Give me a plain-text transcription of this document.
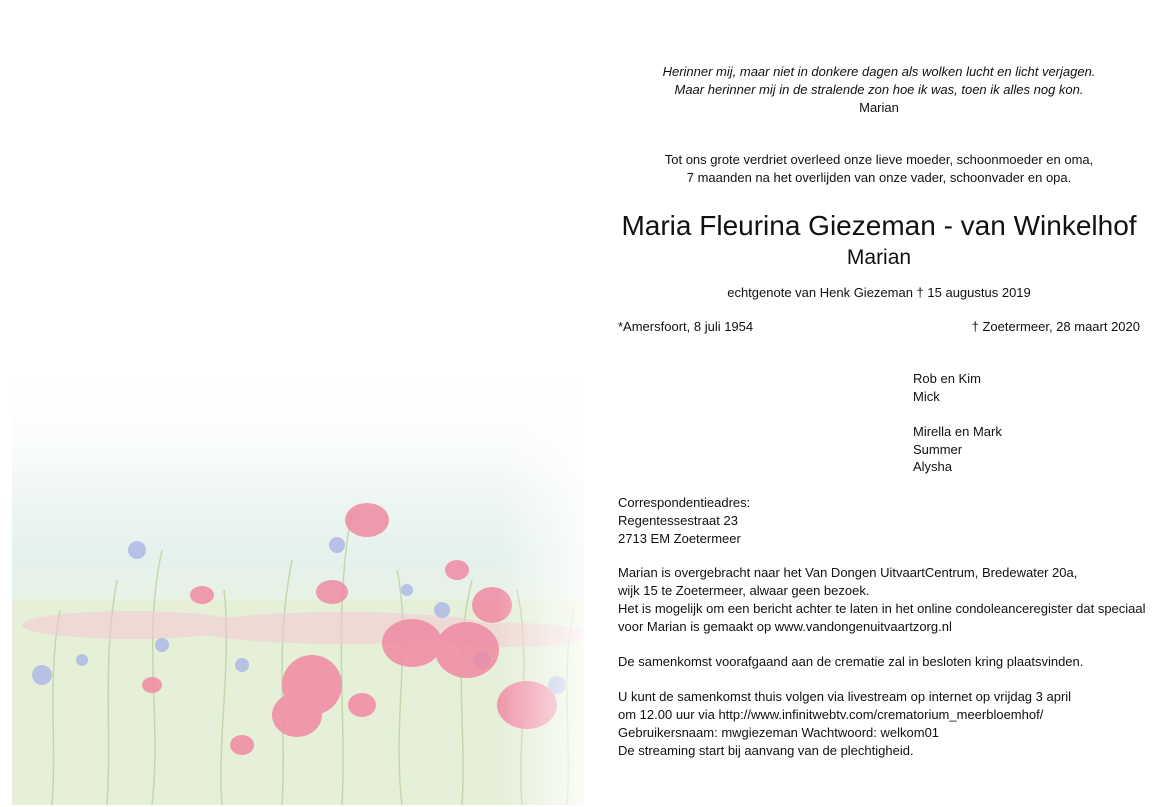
Herinner mij, maar niet in donkere dagen als wolken lucht en licht verjagen.
Maar herinner mij in de stralende zon hoe ik was, toen ik alles nog kon.
Marian
Tot ons grote verdriet overleed onze lieve moeder, schoonmoeder en oma,
7 maanden na het overlijden van onze vader, schoonvader en opa.
Maria Fleurina Giezeman - van Winkelhof
Marian
echtgenote van Henk Giezeman † 15 augustus 2019
*Amersfoort, 8 juli 1954	† Zoetermeer, 28 maart 2020
Rob en Kim
Mick
Mirella en Mark
Summer
Alysha
Correspondentieadres:
Regentessestraat 23
2713 EM Zoetermeer

Marian is overgebracht naar het Van Dongen UitvaartCentrum, Bredewater 20a,
wijk 15 te Zoetermeer, alwaar geen bezoek.
Het is mogelijk om een bericht achter te laten in het online condoleanceregister dat speciaal
voor Marian is gemaakt op www.vandongenuitvaartzorg.nl

De samenkomst voorafgaand aan de crematie zal in besloten kring plaatsvinden.

U kunt de samenkomst thuis volgen via livestream op internet op vrijdag 3 april
om 12.00 uur via http://www.infinitwebtv.com/crematorium_meerbloemhof/
Gebruikersnaam: mwgiezeman Wachtwoord: welkom01
De streaming start bij aanvang van de plechtigheid.
